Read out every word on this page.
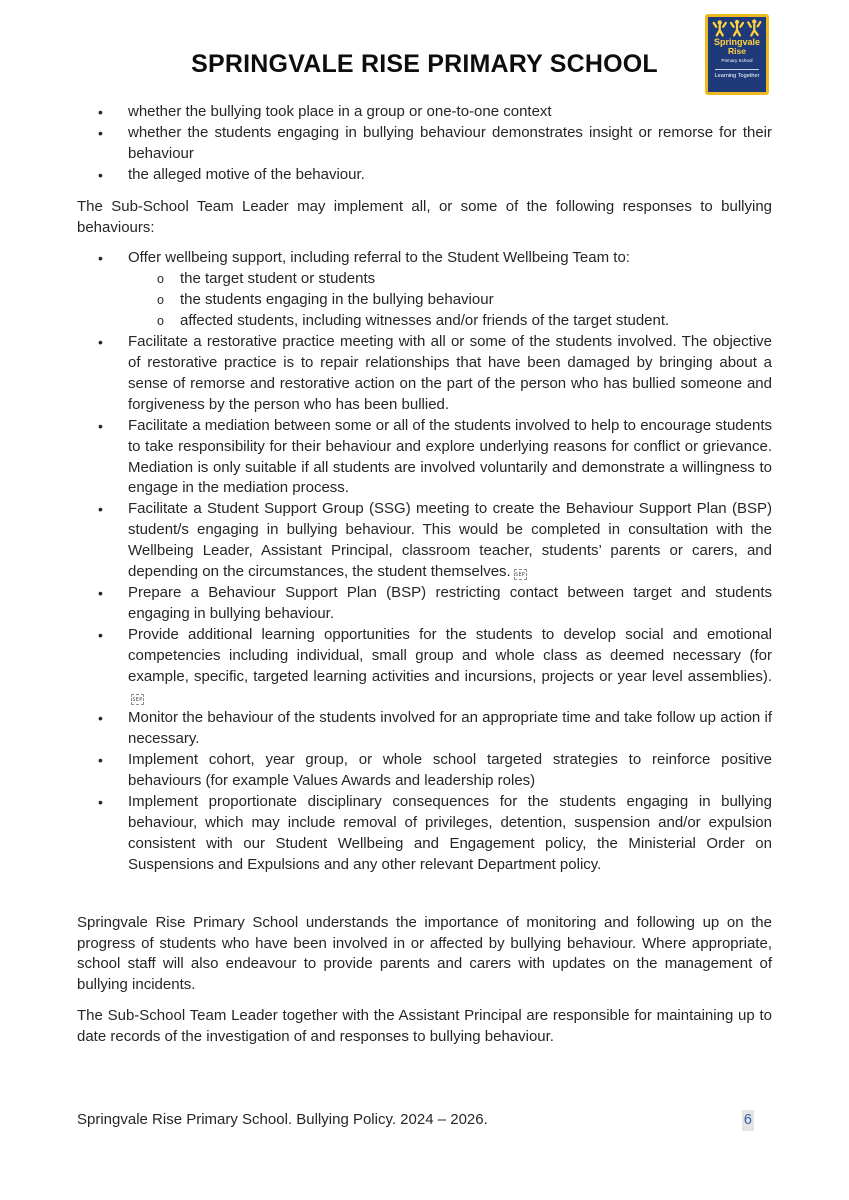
SPRINGVALE RISE PRIMARY SCHOOL
Springvale
Rise
Primary School
Learning Together
•	whether the bullying took place in a group or one-to-one context
•	whether the students engaging in bullying behaviour demonstrates insight or remorse for their behaviour
•	the alleged motive of the behaviour.

The Sub-School Team Leader may implement all, or some of the following responses to bullying behaviours:

•	Offer wellbeing support, including referral to the Student Wellbeing Team to:
o	the target student or students
o	the students engaging in the bullying behaviour
o	affected students, including witnesses and/or friends of the target student.
•	Facilitate a restorative practice meeting with all or some of the students involved. The objective of restorative practice is to repair relationships that have been damaged by bringing about a sense of remorse and restorative action on the part of the person who has bullied someone and forgiveness by the person who has been bullied.
•	Facilitate a mediation between some or all of the students involved to help to encourage students to take responsibility for their behaviour and explore underlying reasons for conflict or grievance. Mediation is only suitable if all students are involved voluntarily and demonstrate a willingness to engage in the mediation process.
•	Facilitate a Student Support Group (SSG) meeting to create the Behaviour Support Plan (BSP) student/s engaging in bullying behaviour. This would be completed in consultation with the Wellbeing Leader, Assistant Principal, classroom teacher, students’ parents or carers, and depending on the circumstances, the student themselves. SEP
•	Prepare a Behaviour Support Plan (BSP) restricting contact between target and students engaging in bullying behaviour.
•	Provide additional learning opportunities for the students to develop social and emotional competencies including individual, small group and whole class as deemed necessary (for example, specific, targeted learning activities and incursions, projects or year level assemblies).SEP
•	Monitor the behaviour of the students involved for an appropriate time and take follow up action if necessary.
•	Implement cohort, year group, or whole school targeted strategies to reinforce positive behaviours (for example Values Awards and leadership roles)
•	Implement proportionate disciplinary consequences for the students engaging in bullying behaviour, which may include removal of privileges, detention, suspension and/or expulsion consistent with our Student Wellbeing and Engagement policy, the Ministerial Order on Suspensions and Expulsions and any other relevant Department policy.

Springvale Rise Primary School understands the importance of monitoring and following up on the progress of students who have been involved in or affected by bullying behaviour. Where appropriate, school staff will also endeavour to provide parents and carers with updates on the management of bullying incidents.

The Sub-School Team Leader together with the Assistant Principal are responsible for maintaining up to date records of the investigation of and responses to bullying behaviour.

Springvale Rise Primary School. Bullying Policy. 2024 – 2026.	6
